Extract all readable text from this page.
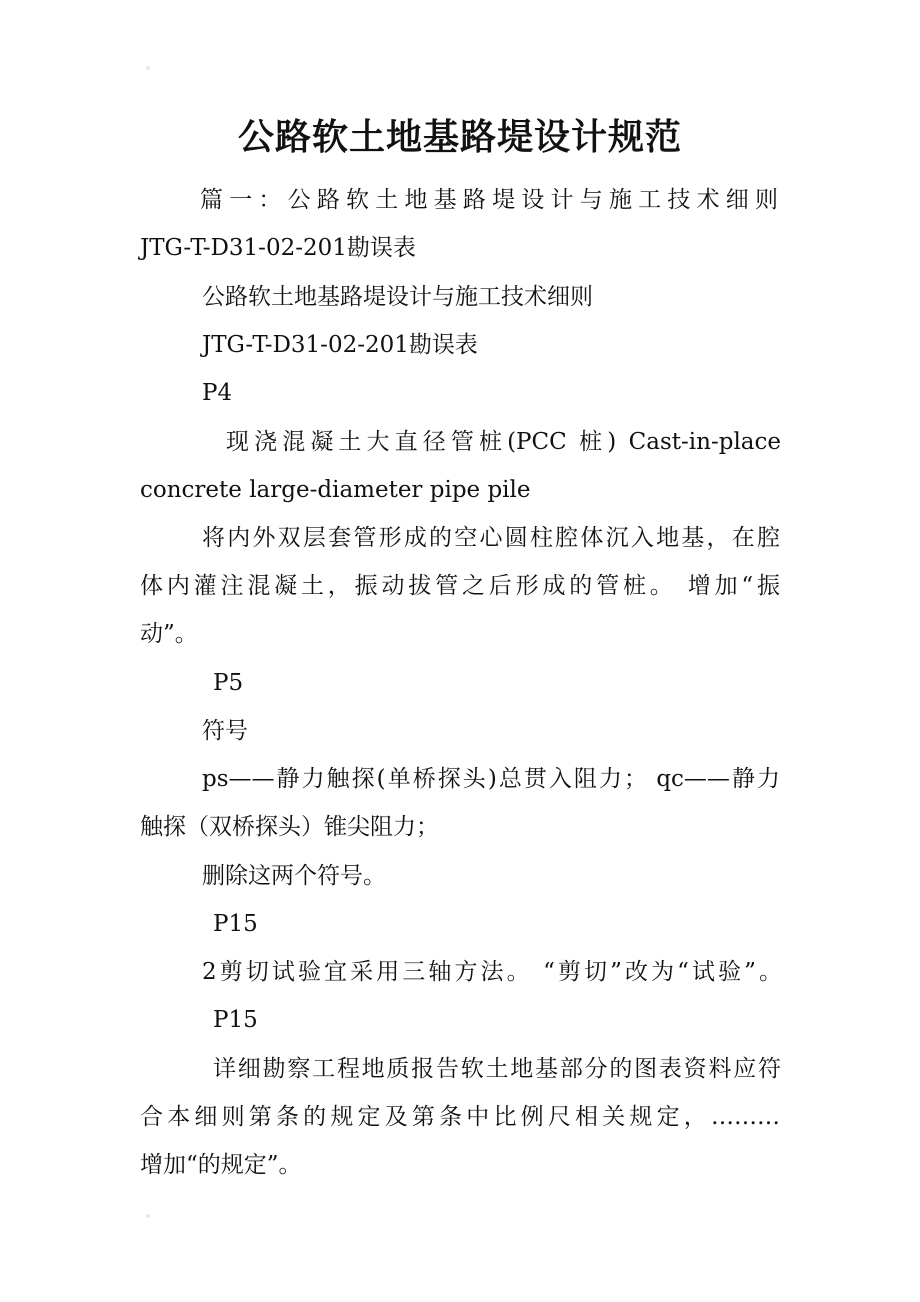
公路软土地基路堤设计规范
篇一：公路软土地基路堤设计与施工技术细则
JTG-T-D31-02-201勘误表
公路软土地基路堤设计与施工技术细则
JTG-T-D31-02-201勘误表
P4
现浇混凝土大直径管桩(PCC 桩) Cast-in-place
concrete large-diameter pipe pile
将内外双层套管形成的空心圆柱腔体沉入地基，在腔
体内灌注混凝土，振动拔管之后形成的管桩。 增加“振
动”。
P5
符号
ps——静力触探(单桥探头)总贯入阻力； qc——静力
触探（双桥探头）锥尖阻力；
删除这两个符号。
P15
2剪切试验宜采用三轴方法。 “剪切”改为“试验”。
P15
详细勘察工程地质报告软土地基部分的图表资料应符
合本细则第条的规定及第条中比例尺相关规定，………
增加“的规定”。
